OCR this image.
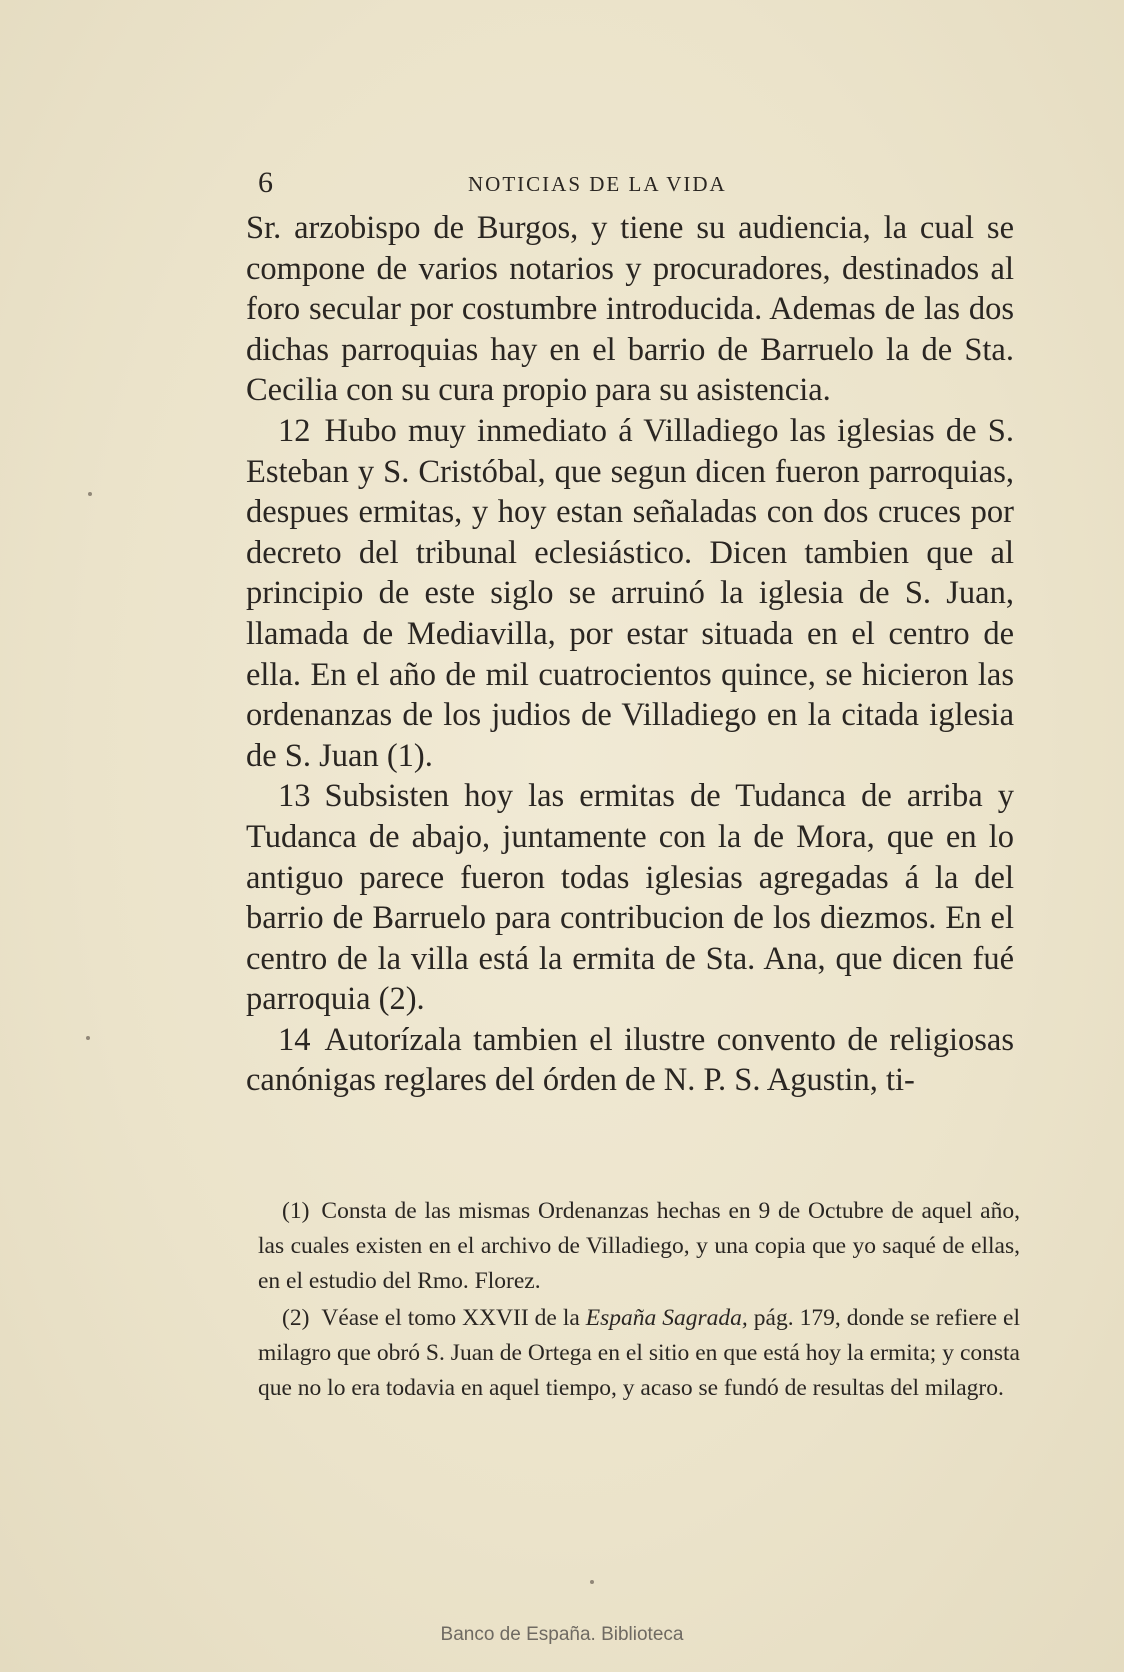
6	NOTICIAS DE LA VIDA

Sr. arzobispo de Burgos, y tiene su audiencia, la cual se compone de varios notarios y procuradores, destinados al foro secular por costumbre introducida. Ademas de las dos dichas parroquias hay en el barrio de Barruelo la de Sta. Cecilia con su cura propio para su asistencia.

12 Hubo muy inmediato á Villadiego las iglesias de S. Esteban y S. Cristóbal, que segun dicen fueron parroquias, despues ermitas, y hoy estan señaladas con dos cruces por decreto del tribunal eclesiástico. Dicen tambien que al principio de este siglo se arruinó la iglesia de S. Juan, llamada de Mediavilla, por estar situada en el centro de ella. En el año de mil cuatrocientos quince, se hicieron las ordenanzas de los judios de Villadiego en la citada iglesia de S. Juan (1).

13 Subsisten hoy las ermitas de Tudanca de arriba y Tudanca de abajo, juntamente con la de Mora, que en lo antiguo parece fueron todas iglesias agregadas á la del barrio de Barruelo para contribucion de los diezmos. En el centro de la villa está la ermita de Sta. Ana, que dicen fué parroquia (2).

14 Autorízala tambien el ilustre convento de religiosas canónigas reglares del órden de N. P. S. Agustin, ti-

(1) Consta de las mismas Ordenanzas hechas en 9 de Octubre de aquel año, las cuales existen en el archivo de Villadiego, y una copia que yo saqué de ellas, en el estudio del Rmo. Florez.

(2) Véase el tomo XXVII de la España Sagrada, pág. 179, donde se refiere el milagro que obró S. Juan de Ortega en el sitio en que está hoy la ermita; y consta que no lo era todavia en aquel tiempo, y acaso se fundó de resultas del milagro.

Banco de España. Biblioteca
